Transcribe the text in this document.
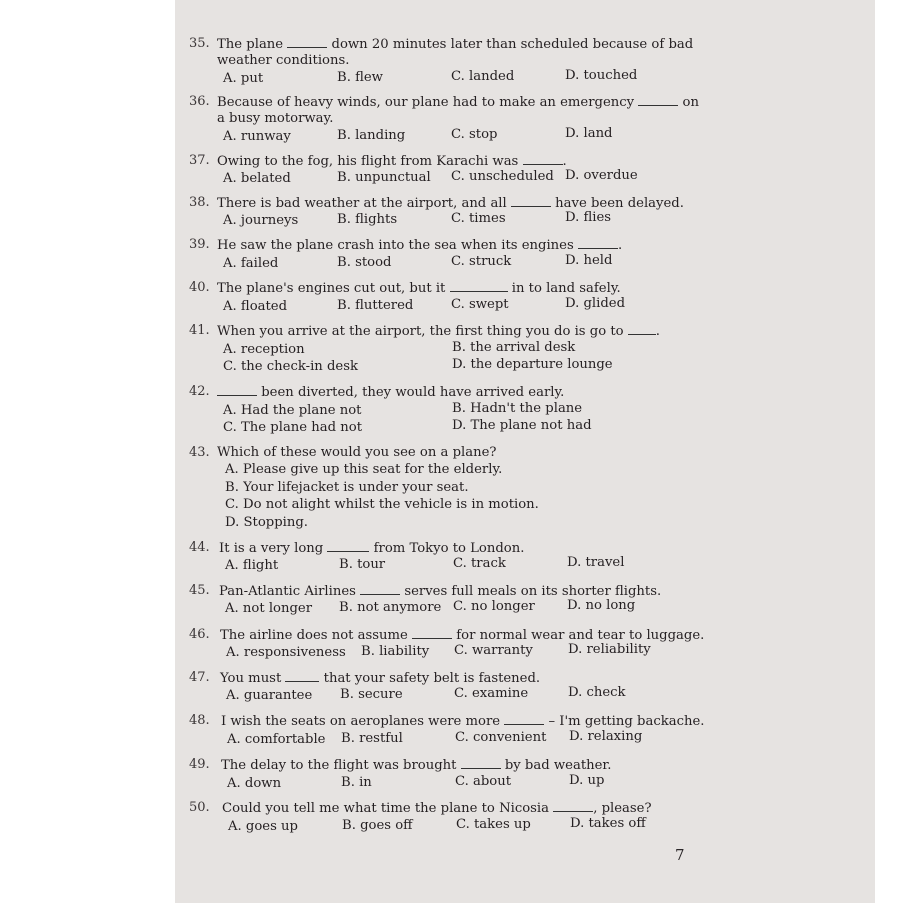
35. The plane	down 20 minutes later than scheduled because of bad
weather conditions.
A. put	B. flew	C. landed	D. touched
36. Because of heavy winds, our plane had to make an emergency	on
a busy motorway.
A. runway	B. landing	C. stop	D. land
37. Owing to the fog, his flight from Karachi was	.
A. belated	B. unpunctual C. unscheduled D. overdue
38. There is bad weather at the airport, and all	have been delayed.
A. journeys	B. flights	C. times	D. flies
39. He saw the plane crash into the sea when its engines	.
A. failed	B. stood	C. struck	D. held
40. The plane's engines cut out, but it	in to land safely.
A. floated	B. fluttered	C. swept	D. glided
41. When you arrive at the airport, the first thing you do is go to .
A. reception	B. the arrival desk
C. the check-in desk	D. the departure lounge
42.	been diverted, they would have arrived early.
A. Had the plane not	B. Hadn't the plane
C. The plane had not	D. The plane not had
43. Which of these would you see on a plane?
A. Please give up this seat for the elderly.
B. Your lifejacket is under your seat.
C. Do not alight whilst the vehicle is in motion.
D. Stopping.
44. It is a very long	from Tokyo to London.
A. flight	B. tour	C. track	D. travel
45. Pan-Atlantic Airlines	serves full meals on its shorter flights.
A. not longer B. not anymore C. no longer D. no long
46. The airline does not assume	for normal wear and tear to luggage.
A. responsiveness B. liability C. warranty	D. reliability
47. You must	that your safety belt is fastened.
A. guarantee B. secure	C. examine	D. check
48. I wish the seats on aeroplanes were more	– I'm getting backache.
A. comfortable B. restful	C. convenient D. relaxing
49. The delay to the flight was brought	by bad weather.
A. down	B. in	C. about	D. up
50. Could you tell me what time the plane to Nicosia	, please?
A. goes up	B. goes off	C. takes up	D. takes off
7
